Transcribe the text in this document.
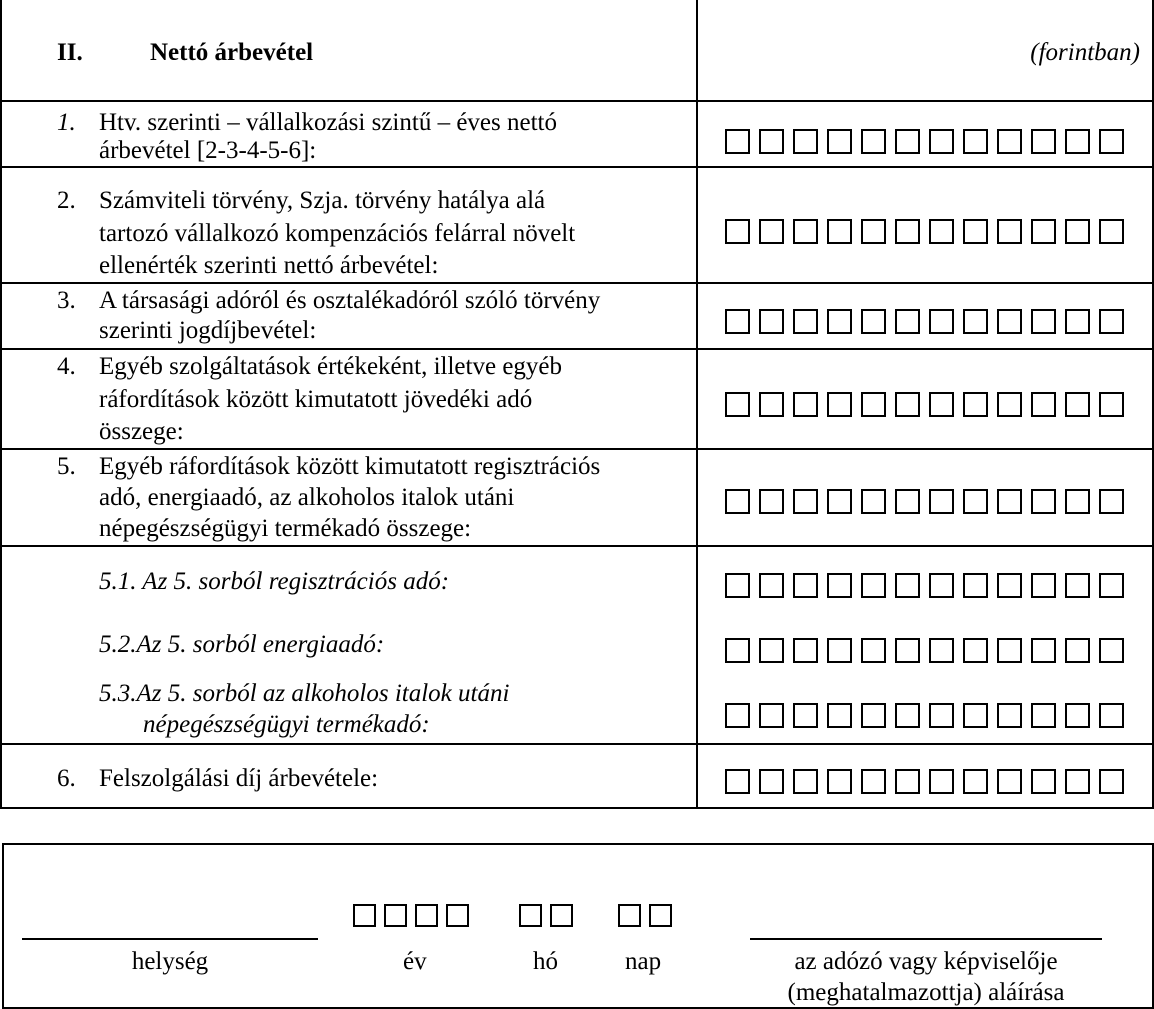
II.	Nettó árbevétel	(forintban)
1. Htv. szerinti – vállalkozási szintű – éves nettó
árbevétel [2-3-4-5-6]:
2. Számviteli törvény, Szja. törvény hatálya alá
tartozó vállalkozó kompenzációs felárral növelt
ellenérték szerinti nettó árbevétel:
3. A társasági adóról és osztalékadóról szóló törvény
szerinti jogdíjbevétel:
4. Egyéb szolgáltatások értékeként, illetve egyéb
ráfordítások között kimutatott jövedéki adó
összege:
5. Egyéb ráfordítások között kimutatott regisztrációs
adó, energiaadó, az alkoholos italok utáni
népegészségügyi termékadó összege:
5.1. Az 5. sorból regisztrációs adó:
5.2.Az 5. sorból energiaadó:
5.3.Az 5. sorból az alkoholos italok utáni
népegészségügyi termékadó:
6. Felszolgálási díj árbevétele:
helység	év	hó	nap	az adózó vagy képviselője
(meghatalmazottja) aláírása
